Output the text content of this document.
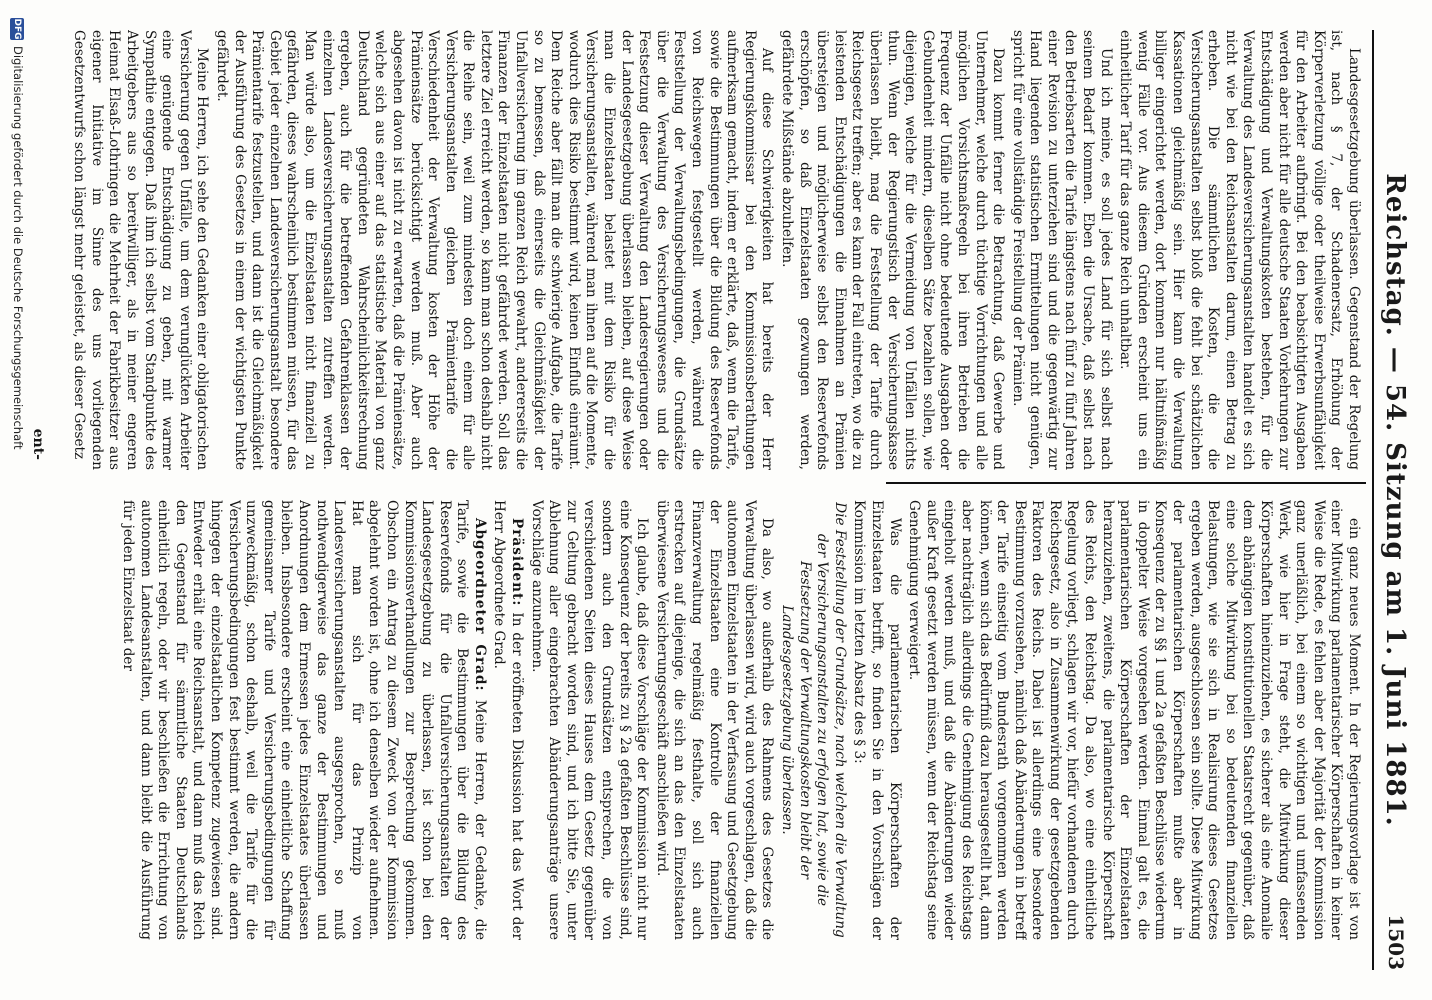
Reichstag. — 54. Sitzung am 1. Juni 1881.
1503

Landesgesetzgebung überlassen. Gegenstand der Regelung ist, nach § 7, der Schadenersatz, Erhöhung der Körperverletzung völlige oder theilweise Erwerbsunfähigkeit für den Arbeiter aufbringt. Bei den beabsichtigten Ausgaben werden aber nicht für alle deutsche Staaten Vorkehrungen zur Entschädigung und Verwaltungskosten bestehen, für die Verwaltung des Landesversicherungsanstalten handelt es sich nicht wie bei den Reichsanstalten darum, einen Betrag zu erheben. Die sämmtlichen Kosten, die die Versicherungsanstalten selbst bloß die fehlt bei schätzlichen Kassationen gleichmäßig sein. Hier kann die Verwaltung billiger eingerichtet werden, dort kommen nur hältnißmäßig wenig Fälle vor. Aus diesem Gründen erscheint uns ein einheitlicher Tarif für das ganze Reich unhaltbar.

Und ich meine, es soll jedes Land für sich selbst nach seinem Bedarf kommen. Eben die Ursache, daß selbst nach den Betriebsarten die Tarife längstens nach fünf zu fünf Jahren einer Revision zu unterziehen sind und die gegenwärtig zur Hand liegenden statistischen Ermittelungen nicht genügen, spricht für eine vollständige Freistellung der Prämien.

Dazu kommt ferner die Betrachtung, daß Gewerbe und Unternehmer, welche durch tüchtige Vorrichtungen und alle möglichen Vorsichtsmaßregeln bei ihren Betrieben die Frequenz der Unfälle nicht ohne bedeutende Ausgaben oder Gebundenheit mindern, dieselben Sätze bezahlen sollen, wie diejenigen, welche für die Vermeidung von Unfällen nichts thun. Wenn der Regierungstisch der Versicherungskasse überlassen bleibt, mag die Feststellung der Tarife durch Reichsgesetz treffen; aber es kann der Fall eintreten, wo die zu leistenden Entschädigungen die Einnahmen an Prämien übersteigen und möglicherweise selbst den Reservefonds erschöpfen, so daß Einzelstaaten gezwungen werden, gefährdete Mißstände abzuhelfen.

Auf diese Schwierigkeiten hat bereits der Herr Regierungskommissar bei den Kommissionsberathungen aufmerksam gemacht, indem er erklärte, daß, wenn die Tarife, sowie die Bestimmungen über die Bildung des Reservefonds von Reichswegen festgestellt werden, während die Feststellung der Verwaltungsbedingungen, die Grundsätze über die Verwaltung des Versicherungswesens und die Festsetzung dieser Verwaltung den Landesregierungen oder der Landesgesetzgebung überlassen bleiben, auf diese Weise man die Einzelstaaten belastet mit dem Risiko für die Versicherungsanstalten, während man ihnen auf die Momente, wodurch dies Risiko bestimmt wird, keinen Einfluß einräumt. Dem Reiche aber fällt man die schwierige Aufgabe, die Tarife so zu bemessen, daß einerseits die Gleichmäßigkeit der Unfallversicherung im ganzen Reich gewahrt, andererseits die Finanzen der Einzelstaaten nicht gefährdet werden. Soll das letztere Ziel erreicht werden, so kann man schon deshalb nicht die Reihe sein, weil zum mindesten doch einem für alle Versicherungsanstalten gleichen Prämientarife die Verschiedenheit der Verwaltung kosten der Höhe der Prämiensätze berücksichtigt werden muß. Aber auch abgesehen davon ist nicht zu erwarten, daß die Prämiensätze, welche sich aus einer auf das statistische Material von ganz Deutschland gegründeten Wahrscheinlichkeitsrechnung ergeben, auch für die betreffenden Gefahrenklassen der einzelnen Landesversicherungsanstalten zutreffen werden. Man würde also, um die Einzelstaaten nicht finanziell zu gefährden, dieses wahrscheinlich bestimmen müssen, für das Gebiet jeder einzelnen Landesversicherungsanstalt besondere Prämientarife festzustellen, und dann ist die Gleichmäßigkeit der Ausführung des Gesetzes in einem der wichtigsten Punkte gefährdet.

Meine Herren, ich sehe den Gedanken einer obligatorischen Versicherung gegen Unfälle, um dem verunglückten Arbeiter eine genügende Entschädigung zu geben, mit warmer Sympathie entgegen. Daß ihm ich selbst vom Standpunkte des Arbeitgebers aus so bereitwilliger, als in meiner engeren Heimat Elsaß-Lothringen die Mehrheit der Fabrikbesitzer aus eigener Initiative im Sinne des uns vorliegenden Gesetzentwurfs schon längst mehr geleistet, als dieser Gesetz

ent-

ein ganz neues Moment. In der Regierungsvorlage ist von einer Mitwirkung parlamentarischer Körperschaften in keiner Weise die Rede, es fehlen aber der Majorität der Kommission ganz unerläßlich, bei einem so wichtigen und umfassenden Werk, wie hier in Frage steht, die Mitwirkung dieser Körperschaften hineinzuziehen, es sicherer als eine Anomalie dem abhängigen konstitutionellen Staatsrecht gegenüber, daß eine solche Mitwirkung bei so bedeutenden finanziellen Belastungen, wie sie sich in Realisirung dieses Gesetzes ergeben werden, ausgeschlossen sein sollte. Diese Mitwirkung der parlamentarischen Körperschaften mußte aber in Konsequenz der zu §§ 1 und 2a gefaßten Beschlüsse wiederum in doppelter Weise vorgesehen werden. Einmal galt es, die parlamentarischen Körperschaften der Einzelstaaten heranzuziehen, zweitens, die parlamentarische Körperschaft des Reichs, den Reichstag. Da also, wo eine einheitliche Regelung vorliegt, schlagen wir vor, hiefür vorhandenen durch Reichsgesetz, also in Zusammenwirkung der gesetzgebenden Faktoren des Reichs. Dabei ist allerdings eine besondere Bestimmung vorzusehen, nämlich daß Abänderungen in betreff der Tarife einseitig vom Bundesrath vorgenommen werden können, wenn sich das Bedürfniß dazu herausgestellt hat, dann aber nachträglich allerdings die Genehmigung des Reichstags eingeholt werden muß, und daß die Abänderungen wieder außer Kraft gesetzt werden müssen, wenn der Reichstag seine Genehmigung verweigert.

Was die parlamentarischen Körperschaften der Einzelstaaten betrifft, so finden Sie in den Vorschlägen der Kommission im letzten Absatz des § 3:

Die Feststellung der Grundsätze, nach welchen die Verwaltung der Versicherungsanstalten zu erfolgen hat, sowie die Festsetzung der Verwaltungskosten bleibt der Landesgesetzgebung überlassen.

Da also, wo außerhalb des Rahmens des Gesetzes die Verwaltung überlassen wird, wird auch vorgeschlagen, daß die autonomen Einzelstaaten in der Verfassung und Gesetzgebung der Einzelstaaten eine Kontrolle der finanziellen Finanzverwaltung regelmäßig festhalte, soll sich auch erstrecken auf diejenige, die sich an das den Einzelstaaten überwiesene Versicherungsgeschäft anschließen wird.

Ich glaube, daß diese Vorschläge der Kommission nicht nur eine Konsequenz der bereits zu § 2a gefaßten Beschlüsse sind, sondern auch den Grundsätzen entsprechen, die von verschiedenen Seiten dieses Hauses dem Gesetz gegenüber zur Geltung gebracht worden sind, und ich bitte Sie, unter Ablehnung aller eingebrachten Abänderungsanträge unsere Vorschläge anzunehmen.

Präsident: In der eröffneten Diskussion hat das Wort der Herr Abgeordnete Grad.

Abgeordneter Grad: Meine Herren, der Gedanke, die Tarife, sowie die Bestimmungen über die Bildung des Reservefonds für die Unfallversicherungsanstalten der Landesgesetzgebung zu überlassen, ist schon bei den Kommissionsverhandlungen zur Besprechung gekommen. Obschon ein Antrag zu diesem Zweck von der Kommission abgelehnt worden ist, ohne ich denselben wieder aufnehmen. Hat man sich für das Prinzip von Landesversicherungsanstalten ausgesprochen, so muß nothwendigerweise das ganze der Bestimmungen und Anordnungen dem Ermessen jedes Einzelstaates überlassen bleiben. Insbesondere erscheint eine einheitliche Schaffung gemeinsamer Tarife und Versicherungsbedingungen für unzweckmäßig, schon deshalb, weil die Tarife für die Versicherungsbedingungen fest bestimmt werden, die andern hingegen der einzelstaatlichen Kompetenz zugewiesen sind. Entweder erhält eine Reichsanstalt, und dann muß das Reich den Gegenstand für sämmtliche Staaten Deutschlands einheitlich regeln, oder wir beschließen die Errichtung von autonomen Landesanstalten, und dann bleibt die Ausführung für jeden Einzelstaat der

DFG
Digitalisierung gefördert durch die Deutsche Forschungsgemeinschaft
